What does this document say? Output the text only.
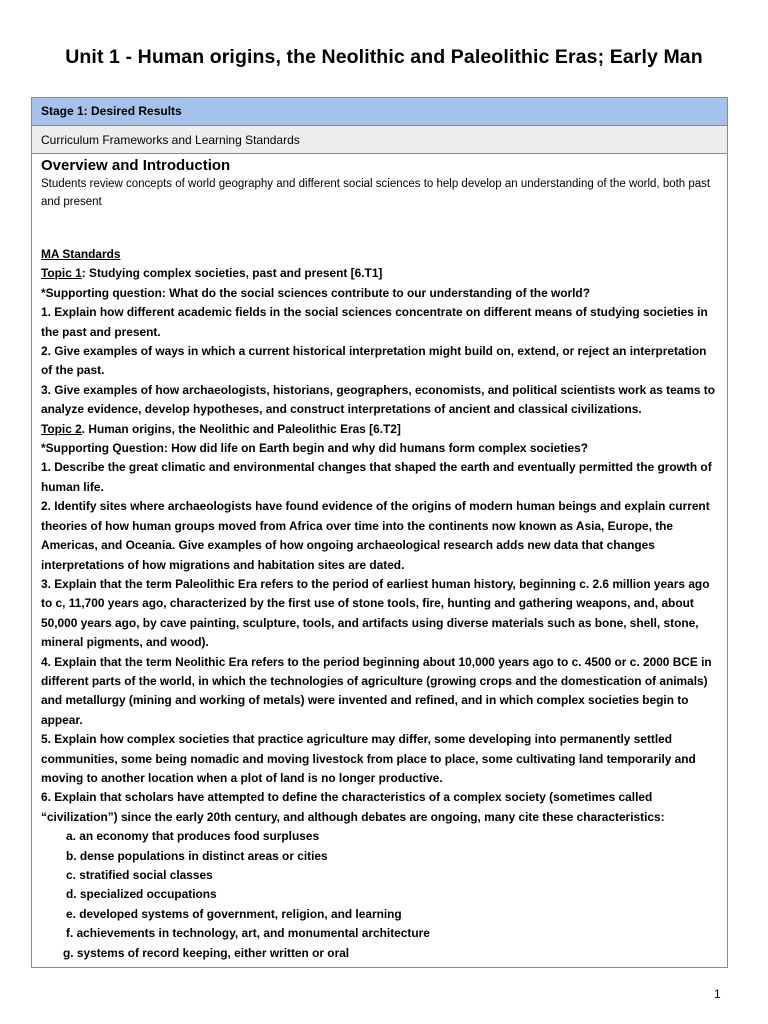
Unit 1 - Human origins, the Neolithic and Paleolithic Eras; Early Man
Stage 1: Desired Results
Curriculum Frameworks and Learning Standards
Overview and Introduction
Students review concepts of world geography and different social sciences to help develop an understanding of the world, both past and present
MA Standards
Topic 1: Studying complex societies, past and present [6.T1]
*Supporting question: What do the social sciences contribute to our understanding of the world?
1. Explain how different academic fields in the social sciences concentrate on different means of studying societies in the past and present.
2. Give examples of ways in which a current historical interpretation might build on, extend, or reject an interpretation of the past.
3. Give examples of how archaeologists, historians, geographers, economists, and political scientists work as teams to analyze evidence, develop hypotheses, and construct interpretations of ancient and classical civilizations.
Topic 2. Human origins, the Neolithic and Paleolithic Eras [6.T2]
*Supporting Question: How did life on Earth begin and why did humans form complex societies?
1. Describe the great climatic and environmental changes that shaped the earth and eventually permitted the growth of human life.
2. Identify sites where archaeologists have found evidence of the origins of modern human beings and explain current theories of how human groups moved from Africa over time into the continents now known as Asia, Europe, the Americas, and Oceania. Give examples of how ongoing archaeological research adds new data that changes interpretations of how migrations and habitation sites are dated.
3. Explain that the term Paleolithic Era refers to the period of earliest human history, beginning c. 2.6 million years ago to c, 11,700 years ago, characterized by the first use of stone tools, fire, hunting and gathering weapons, and, about 50,000 years ago, by cave painting, sculpture, tools, and artifacts using diverse materials such as bone, shell, stone, mineral pigments, and wood).
4. Explain that the term Neolithic Era refers to the period beginning about 10,000 years ago to c. 4500 or c. 2000 BCE in different parts of the world, in which the technologies of agriculture (growing crops and the domestication of animals) and metallurgy (mining and working of metals) were invented and refined, and in which complex societies begin to appear.
5. Explain how complex societies that practice agriculture may differ, some developing into permanently settled communities, some being nomadic and moving livestock from place to place, some cultivating land temporarily and moving to another location when a plot of land is no longer productive.
6. Explain that scholars have attempted to define the characteristics of a complex society (sometimes called “civilization”) since the early 20th century, and although debates are ongoing, many cite these characteristics:
a. an economy that produces food surpluses
b. dense populations in distinct areas or cities
c. stratified social classes
d. specialized occupations
e. developed systems of government, religion, and learning
f. achievements in technology, art, and monumental architecture
g. systems of record keeping, either written or oral
1
